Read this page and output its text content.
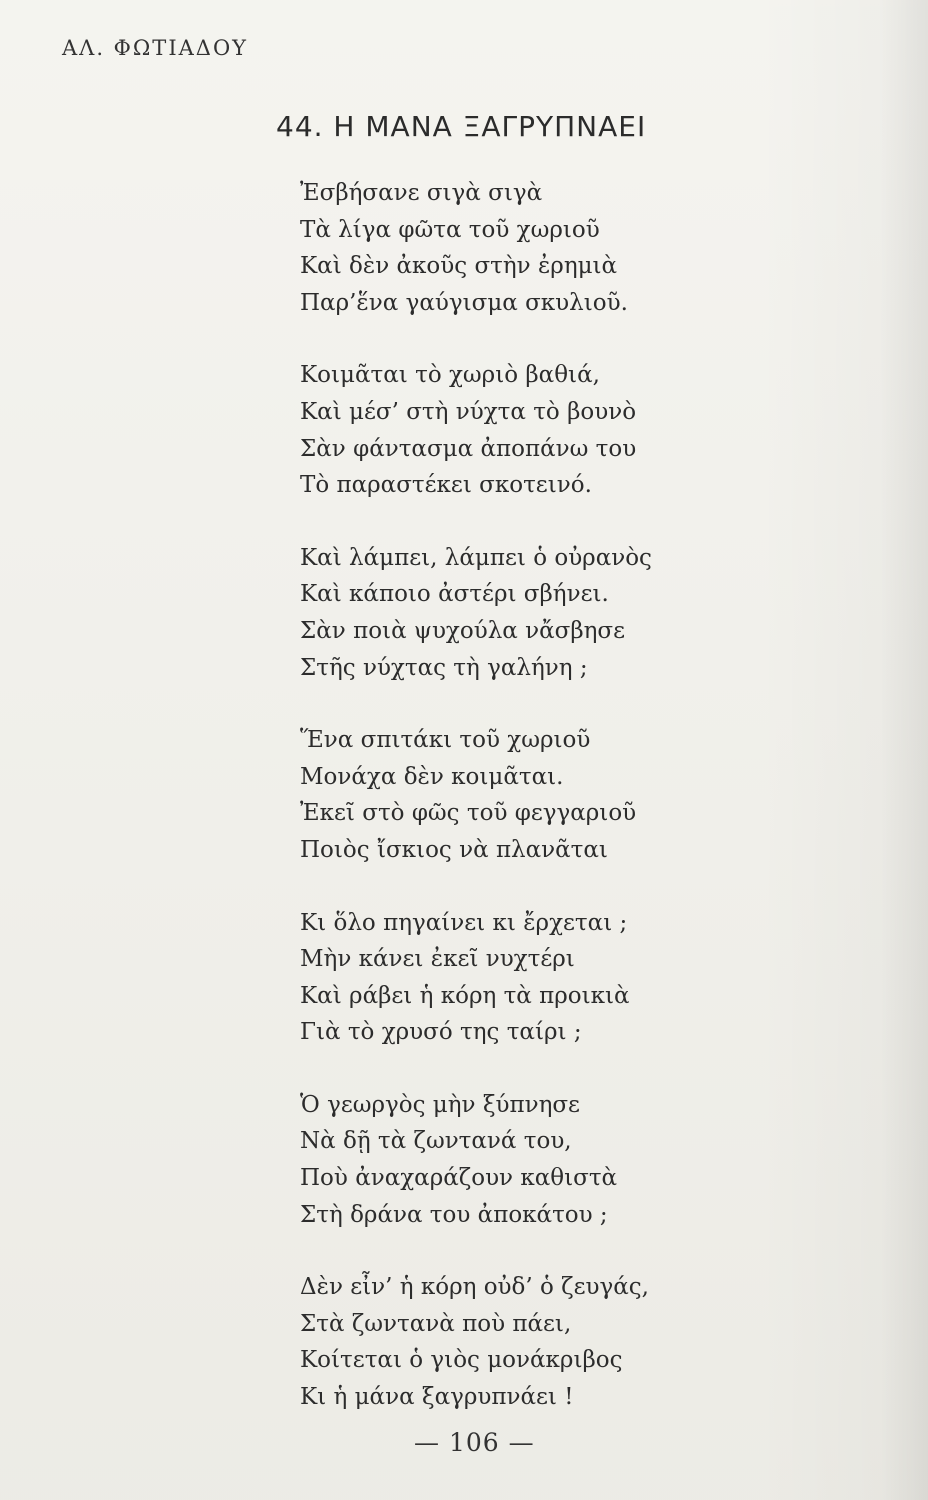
ΑΛ. ΦΩΤΙΑΔΟΥ
44. Η ΜΑΝΑ ΞΑΓΡΥΠΝΑΕΙ
Ἐσβήσανε σιγὰ σιγὰ
Τὰ λίγα φῶτα τοῦ χωριοῦ
Καὶ δὲν ἀκοῦς στὴν ἐρημιὰ
Παρ’ἕνα γαύγισμα σκυλιοῦ.
Κοιμᾶται τὸ χωριὸ βαθιά,
Καὶ μέσ’ στὴ νύχτα τὸ βουνὸ
Σὰν φάντασμα ἀποπάνω του
Τὸ παραστέκει σκοτεινό.
Καὶ λάμπει, λάμπει ὁ οὐρανὸς
Καὶ κάποιο ἀστέρι σβήνει.
Σὰν ποιὰ ψυχούλα νἄσβησε
Στῆς νύχτας τὴ γαλήνη ;
Ἕνα σπιτάκι τοῦ χωριοῦ
Μονάχα δὲν κοιμᾶται.
Ἐκεῖ στὸ φῶς τοῦ φεγγαριοῦ
Ποιὸς ἴσκιος νὰ πλανᾶται
Κι ὅλο πηγαίνει κι ἔρχεται ;
Μὴν κάνει ἐκεῖ νυχτέρι
Καὶ ράβει ἡ κόρη τὰ προικιὰ
Γιὰ τὸ χρυσό της ταίρι ;
Ὁ γεωργὸς μὴν ξύπνησε
Νὰ δῇ τὰ ζωντανά του,
Ποὺ ἀναχαράζουν καθιστὰ
Στὴ δράνα του ἀποκάτου ;
Δὲν εἶν’ ἡ κόρη οὐδ’ ὁ ζευγάς,
Στὰ ζωντανὰ ποὺ πάει,
Κοίτεται ὁ γιὸς μονάκριβος
Κι ἡ μάνα ξαγρυπνάει !
— 106 —
